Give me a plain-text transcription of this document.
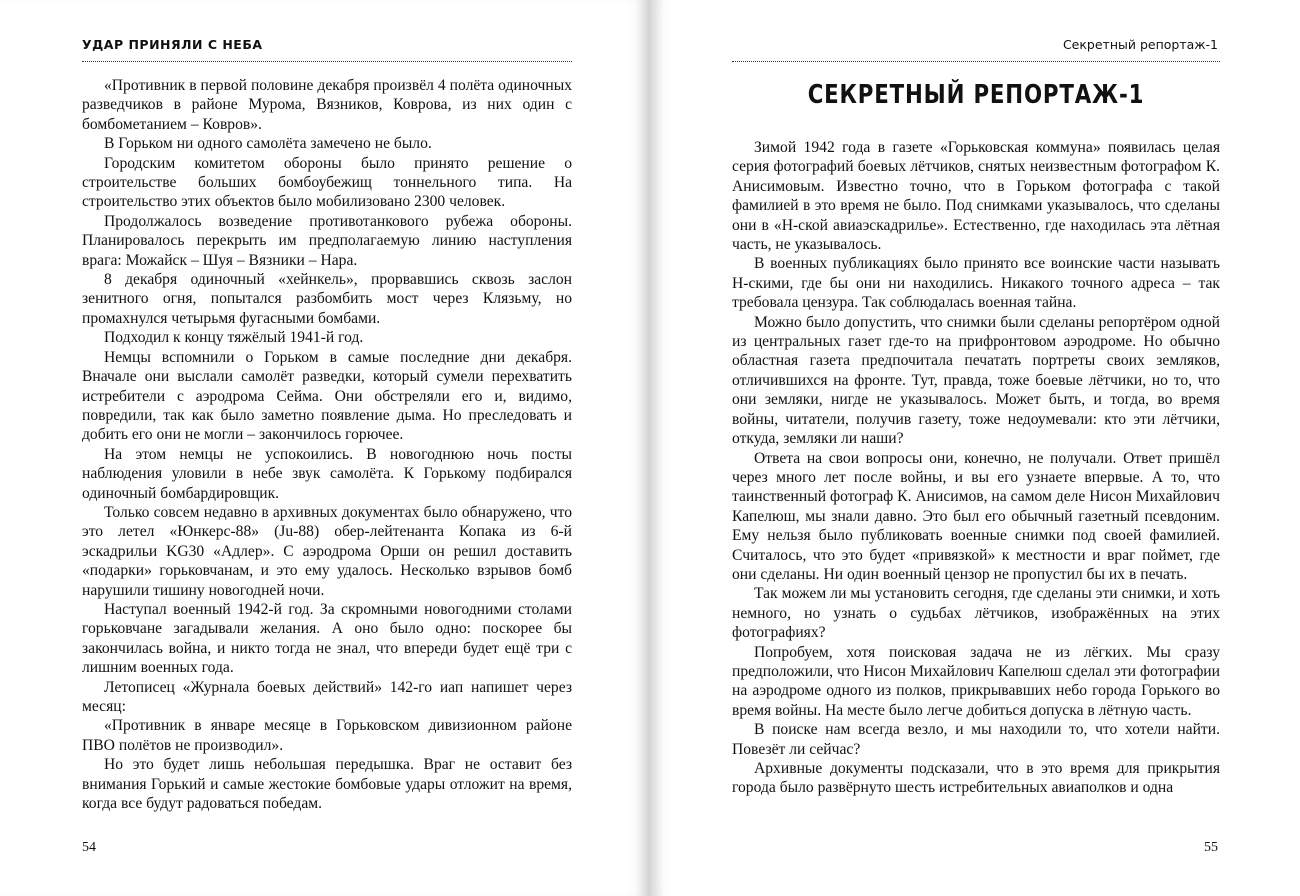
УДАР ПРИНЯЛИ С НЕБА

«Противник в первой половине декабря произвёл 4 полёта одиночных разведчиков в районе Мурома, Вязников, Коврова, из них один с бомбометанием – Ковров».

В Горьком ни одного самолёта замечено не было.

Городским комитетом обороны было принято решение о строительстве больших бомбоубежищ тоннельного типа. На строительство этих объектов было мобилизовано 2300 человек.

Продолжалось возведение противотанкового рубежа обороны. Планировалось перекрыть им предполагаемую линию наступления врага: Можайск – Шуя – Вязники – Нара.

8 декабря одиночный «хейнкель», прорвавшись сквозь заслон зенитного огня, попытался разбомбить мост через Клязьму, но промахнулся четырьмя фугасными бомбами.

Подходил к концу тяжёлый 1941-й год.

Немцы вспомнили о Горьком в самые последние дни декабря. Вначале они выслали самолёт разведки, который сумели перехватить истребители с аэродрома Сейма. Они обстреляли его и, видимо, повредили, так как было заметно появление дыма. Но преследовать и добить его они не могли – закончилось горючее.

На этом немцы не успокоились. В новогоднюю ночь посты наблюдения уловили в небе звук самолёта. К Горькому подбирался одиночный бомбардировщик.

Только совсем недавно в архивных документах было обнаружено, что это летел «Юнкерс-88» (Ju-88) обер-лейтенанта Копака из 6-й эскадрильи KG30 «Адлер». С аэродрома Орши он решил доставить «подарки» горьковчанам, и это ему удалось. Несколько взрывов бомб нарушили тишину новогодней ночи.

Наступал военный 1942-й год. За скромными новогодними столами горьковчане загадывали желания. А оно было одно: поскорее бы закончилась война, и никто тогда не знал, что впереди будет ещё три с лишним военных года.

Летописец «Журнала боевых действий» 142-го иап напишет через месяц:

«Противник в январе месяце в Горьковском дивизионном районе ПВО полётов не производил».

Но это будет лишь небольшая передышка. Враг не оставит без внимания Горький и самые жестокие бомбовые удары отложит на время, когда все будут радоваться победам.

54
Секретный репортаж-1
СЕКРЕТНЫЙ РЕПОРТАЖ-1

Зимой 1942 года в газете «Горьковская коммуна» появилась целая серия фотографий боевых лётчиков, снятых неизвестным фотографом К. Анисимовым. Известно точно, что в Горьком фотографа с такой фамилией в это время не было. Под снимками указывалось, что сделаны они в «Н-ской авиаэскадрилье». Естественно, где находилась эта лётная часть, не указывалось.

В военных публикациях было принято все воинские части называть Н-скими, где бы они ни находились. Никакого точного адреса – так требовала цензура. Так соблюдалась военная тайна.

Можно было допустить, что снимки были сделаны репортёром одной из центральных газет где-то на прифронтовом аэродроме. Но обычно областная газета предпочитала печатать портреты своих земляков, отличившихся на фронте. Тут, правда, тоже боевые лётчики, но то, что они земляки, нигде не указывалось. Может быть, и тогда, во время войны, читатели, получив газету, тоже недоумевали: кто эти лётчики, откуда, земляки ли наши?

Ответа на свои вопросы они, конечно, не получали. Ответ пришёл через много лет после войны, и вы его узнаете впервые. А то, что таинственный фотограф К. Анисимов, на самом деле Нисон Михайлович Капелюш, мы знали давно. Это был его обычный газетный псевдоним. Ему нельзя было публиковать военные снимки под своей фамилией. Считалось, что это будет «привязкой» к местности и враг поймет, где они сделаны. Ни один военный цензор не пропустил бы их в печать.

Так можем ли мы установить сегодня, где сделаны эти снимки, и хоть немного, но узнать о судьбах лётчиков, изображённых на этих фотографиях?

Попробуем, хотя поисковая задача не из лёгких. Мы сразу предположили, что Нисон Михайлович Капелюш сделал эти фотографии на аэродроме одного из полков, прикрывавших небо города Горького во время войны. На месте было легче добиться допуска в лётную часть.

В поиске нам всегда везло, и мы находили то, что хотели найти. Повезёт ли сейчас?

Архивные документы подсказали, что в это время для прикрытия города было развёрнуто шесть истребительных авиаполков и одна

55
